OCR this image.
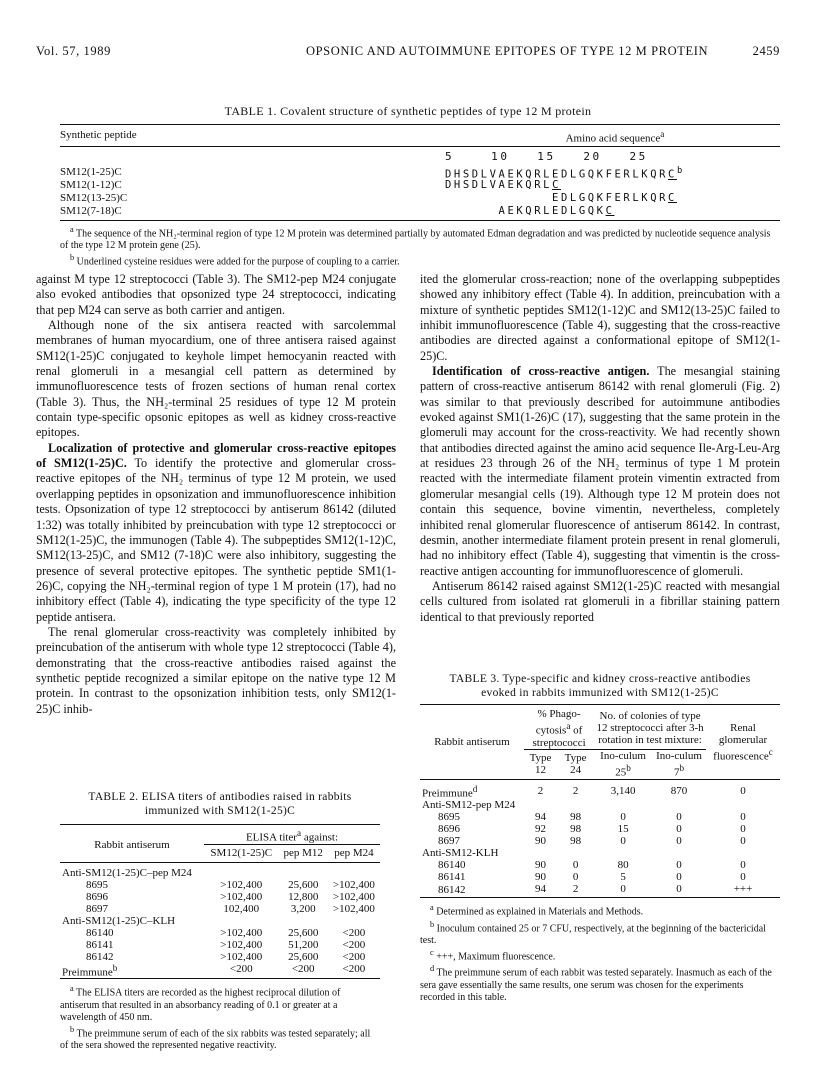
Vol. 57, 1989	OPSONIC AND AUTOIMMUNE EPITOPES OF TYPE 12 M PROTEIN	2459
TABLE 1. Covalent structure of synthetic peptides of type 12 M protein
Synthetic peptide	Amino acid sequence$^a$
5    10   15   20   25
SM12(1-25)C	DHSDLVAEKQRLEDLGQKFERLKQRC$^b$
SM12(1-12)C	DHSDLVAEKQRLC
SM12(13-25)C	EDLGQKFERLKQRC
SM12(7-18)C	AEKQRLEDLGQKC
$^a$ The sequence of the NH₂-terminal region of type 12 M protein was determined partially by automated Edman degradation and was predicted by nucleotide sequence analysis of the type 12 M protein gene (25).
$^b$ Underlined cysteine residues were added for the purpose of coupling to a carrier.

against M type 12 streptococci (Table 3). The SM12-pep M24 conjugate also evoked antibodies that opsonized type 24 streptococci, indicating that pep M24 can serve as both carrier and antigen.

Although none of the six antisera reacted with sarcolemmal membranes of human myocardium, one of three antisera raised against SM12(1-25)C conjugated to keyhole limpet hemocyanin reacted with renal glomeruli in a mesangial cell pattern as determined by immunofluorescence tests of frozen sections of human renal cortex (Table 3). Thus, the NH₂-terminal 25 residues of type 12 M protein contain type-specific opsonic epitopes as well as kidney cross-reactive epitopes.

Localization of protective and glomerular cross-reactive epitopes of SM12(1-25)C. To identify the protective and glomerular cross-reactive epitopes of the NH₂ terminus of type 12 M protein, we used overlapping peptides in opsonization and immunofluorescence inhibition tests. Opsonization of type 12 streptococci by antiserum 86142 (diluted 1:32) was totally inhibited by preincubation with type 12 streptococci or SM12(1-25)C, the immunogen (Table 4). The subpeptides SM12(1-12)C, SM12(13-25)C, and SM12 (7-18)C were also inhibitory, suggesting the presence of several protective epitopes. The synthetic peptide SM1(1-26)C, copying the NH₂-terminal region of type 1 M protein (17), had no inhibitory effect (Table 4), indicating the type specificity of the type 12 peptide antisera.

The renal glomerular cross-reactivity was completely inhibited by preincubation of the antiserum with whole type 12 streptococci (Table 4), demonstrating that the cross-reactive antibodies raised against the synthetic peptide recognized a similar epitope on the native type 12 M protein. In contrast to the opsonization inhibition tests, only SM12(1-25)C inhib-

ited the glomerular cross-reaction; none of the overlapping subpeptides showed any inhibitory effect (Table 4). In addition, preincubation with a mixture of synthetic peptides SM12(1-12)C and SM12(13-25)C failed to inhibit immunofluorescence (Table 4), suggesting that the cross-reactive antibodies are directed against a conformational epitope of SM12(1-25)C.

Identification of cross-reactive antigen. The mesangial staining pattern of cross-reactive antiserum 86142 with renal glomeruli (Fig. 2) was similar to that previously described for autoimmune antibodies evoked against SM1(1-26)C (17), suggesting that the same protein in the glomeruli may account for the cross-reactivity. We had recently shown that antibodies directed against the amino acid sequence Ile-Arg-Leu-Arg at residues 23 through 26 of the NH₂ terminus of type 1 M protein reacted with the intermediate filament protein vimentin extracted from glomerular mesangial cells (19). Although type 12 M protein does not contain this sequence, bovine vimentin, nevertheless, completely inhibited renal glomerular fluorescence of antiserum 86142. In contrast, desmin, another intermediate filament protein present in renal glomeruli, had no inhibitory effect (Table 4), suggesting that vimentin is the cross-reactive antigen accounting for immunofluorescence of glomeruli.

Antiserum 86142 raised against SM12(1-25)C reacted with mesangial cells cultured from isolated rat glomeruli in a fibrillar staining pattern identical to that previously reported

TABLE 2. ELISA titers of antibodies raised in rabbits
immunized with SM12(1-25)C
Rabbit antiserum	ELISA titer$^a$ against:		
	SM12(1-25)C	pep M12	pep M24
Anti-SM12(1-25)C–pep M24			
8695	>102,400	25,600	>102,400
8696	>102,400	12,800	>102,400
8697	102,400	3,200	>102,400
Anti-SM12(1-25)C–KLH			
86140	>102,400	25,600	<200
86141	>102,400	51,200	<200
86142	>102,400	25,600	<200
Preimmune$^b$	<200	<200	<200
$^a$ The ELISA titers are recorded as the highest reciprocal dilution of antiserum that resulted in an absorbancy reading of 0.1 or greater at a wavelength of 450 nm.
$^b$ The preimmune serum of each of the six rabbits was tested separately; all of the sera showed the represented negative reactivity.
TABLE 3. Type-specific and kidney cross-reactive antibodies
evoked in rabbits immunized with SM12(1-25)C
Rabbit antiserum	% Phago-cytosis$^a$ of streptococci		No. of colonies of type 12 streptococci after 3-h rotation in test mixture:		Renal glomerular fluorescence$^c$
	Type 12	Type 24	Ino-culum 25$^b$	Ino-culum 7$^b$
Preimmune$^d$	2	2	3,140	870	0
Anti-SM12-pep M24					
8695	94	98	0	0	0
8696	92	98	15	0	0
8697	90	98	0	0	0
Anti-SM12-KLH					
86140	90	0	80	0	0
86141	90	0	5	0	0
86142	94	2	0	0	+++
$^a$ Determined as explained in Materials and Methods.
$^b$ Inoculum contained 25 or 7 CFU, respectively, at the beginning of the bactericidal test.
$^c$ +++, Maximum fluorescence.
$^d$ The preimmune serum of each rabbit was tested separately. Inasmuch as each of the sera gave essentially the same results, one serum was chosen for the experiments recorded in this table.
